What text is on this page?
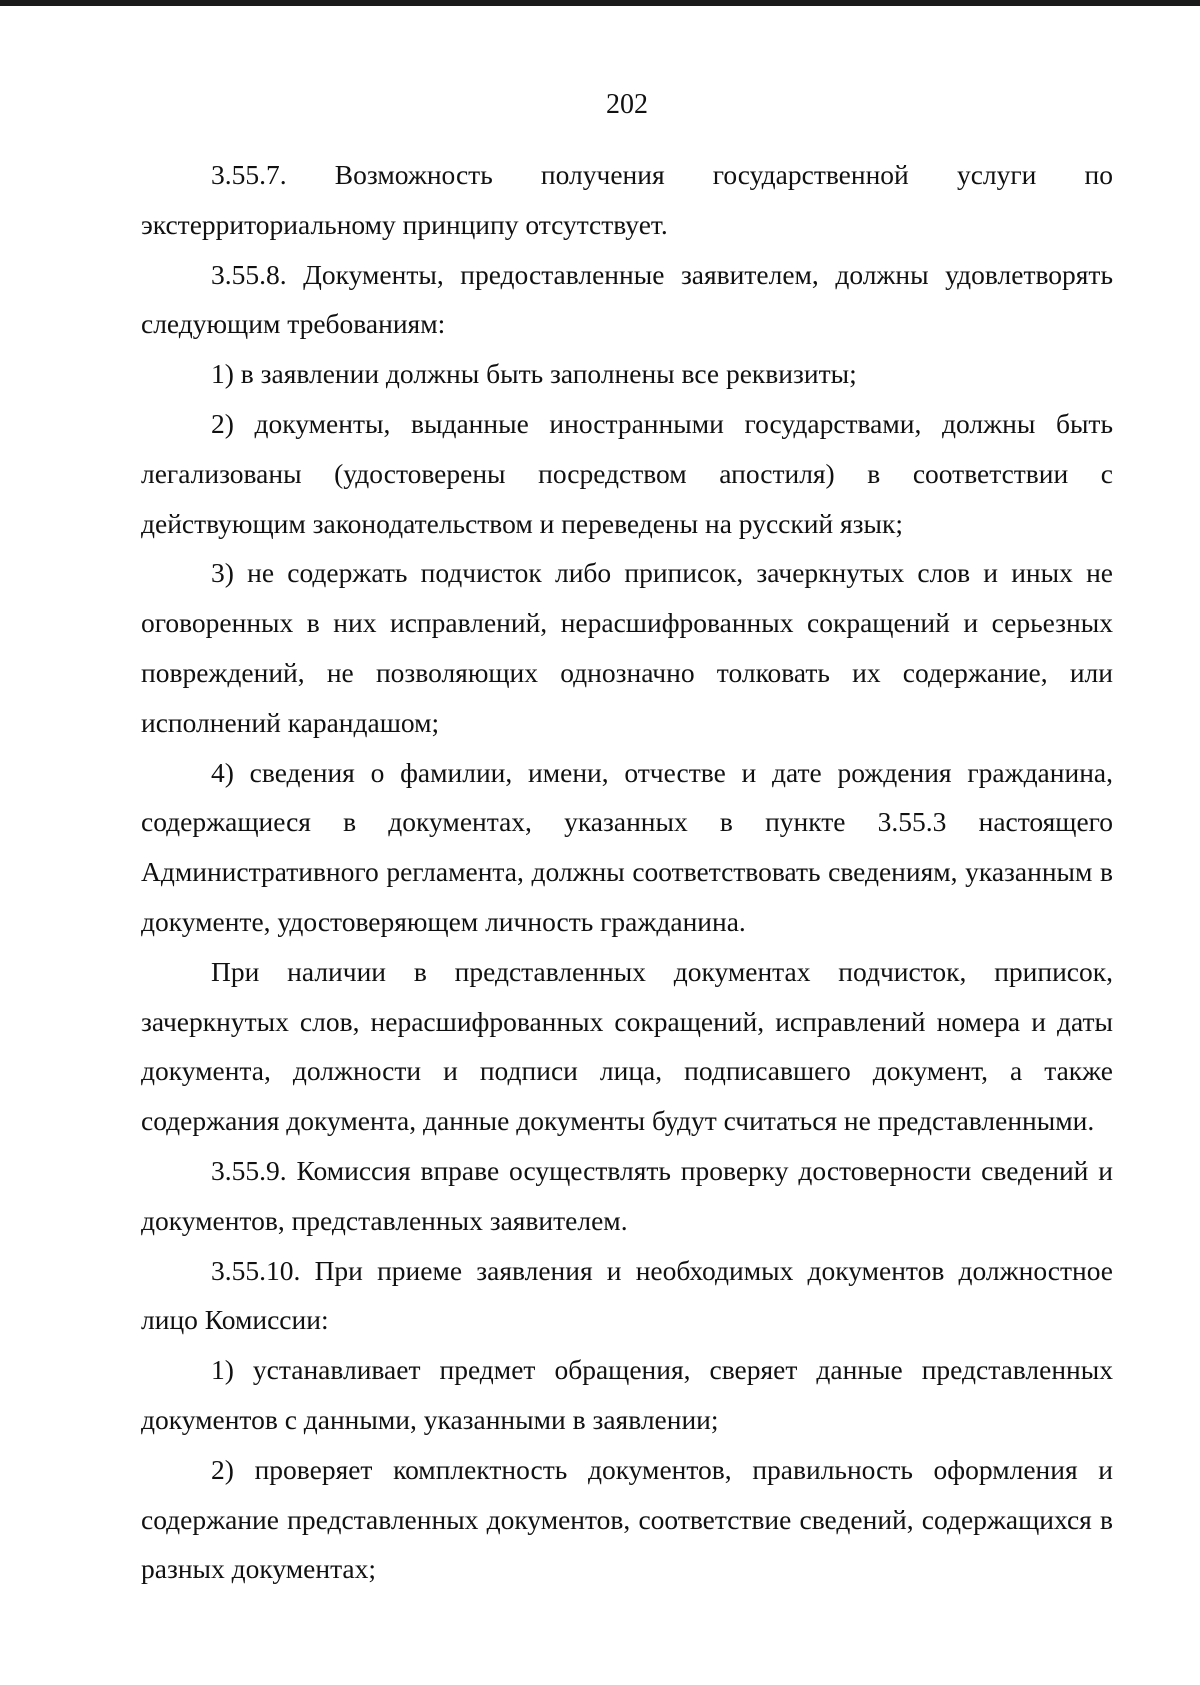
202

3.55.7. Возможность получения государственной услуги по экстерриториальному принципу отсутствует.

3.55.8. Документы, предоставленные заявителем, должны удовлетворять следующим требованиям:

1) в заявлении должны быть заполнены все реквизиты;

2) документы, выданные иностранными государствами, должны быть легализованы (удостоверены посредством апостиля) в соответствии с действующим законодательством и переведены на русский язык;

3) не содержать подчисток либо приписок, зачеркнутых слов и иных не оговоренных в них исправлений, нерасшифрованных сокращений и серьезных повреждений, не позволяющих однозначно толковать их содержание, или исполнений карандашом;

4) сведения о фамилии, имени, отчестве и дате рождения гражданина, содержащиеся в документах, указанных в пункте 3.55.3 настоящего Административного регламента, должны соответствовать сведениям, указанным в документе, удостоверяющем личность гражданина.

При наличии в представленных документах подчисток, приписок, зачеркнутых слов, нерасшифрованных сокращений, исправлений номера и даты документа, должности и подписи лица, подписавшего документ, а также содержания документа, данные документы будут считаться не представленными.

3.55.9. Комиссия вправе осуществлять проверку достоверности сведений и документов, представленных заявителем.

3.55.10. При приеме заявления и необходимых документов должностное лицо Комиссии:

1) устанавливает предмет обращения, сверяет данные представленных документов с данными, указанными в заявлении;

2) проверяет комплектность документов, правильность оформления и содержание представленных документов, соответствие сведений, содержащихся в разных документах;
